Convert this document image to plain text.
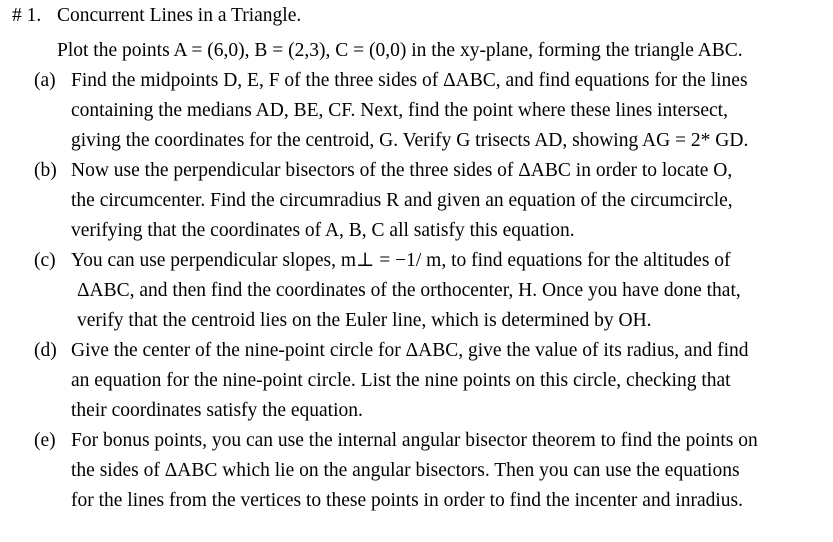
# 1. Concurrent Lines in a Triangle.
Plot the points A = (6,0), B = (2,3), C = (0,0) in the xy-plane, forming the triangle ABC.
(a) Find the midpoints D, E, F of the three sides of ΔABC, and find equations for the lines
containing the medians AD, BE, CF. Next, find the point where these lines intersect,
giving the coordinates for the centroid, G. Verify G trisects AD, showing AG = 2* GD.
(b) Now use the perpendicular bisectors of the three sides of ΔABC in order to locate O,
the circumcenter. Find the circumradius R and given an equation of the circumcircle,
verifying that the coordinates of A, B, C all satisfy this equation.
(c) You can use perpendicular slopes, m⊥ = −1/ m, to find equations for the altitudes of
ΔABC, and then find the coordinates of the orthocenter, H. Once you have done that,
verify that the centroid lies on the Euler line, which is determined by OH.
(d) Give the center of the nine-point circle for ΔABC, give the value of its radius, and find
an equation for the nine-point circle. List the nine points on this circle, checking that
their coordinates satisfy the equation.
(e) For bonus points, you can use the internal angular bisector theorem to find the points on
the sides of ΔABC which lie on the angular bisectors. Then you can use the equations
for the lines from the vertices to these points in order to find the incenter and inradius.
